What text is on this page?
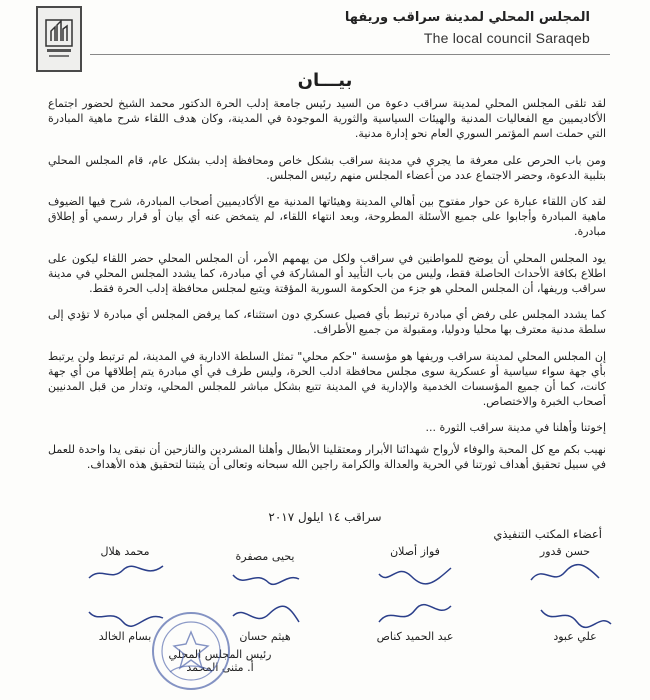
المجلس المحلي لمدينة سراقب وريفها
The local council Saraqeb
بيـــان

لقد تلقى المجلس المحلي لمدينة سراقب دعوة من السيد رئيس جامعة إدلب الحرة الدكتور محمد الشيخ لحضور اجتماع الأكاديميين مع الفعاليات المدنية والهيئات السياسية والثورية الموجودة في المدينة، وكان هدف اللقاء شرح ماهية المبادرة التي حملت اسم المؤتمر السوري العام نحو إدارة مدنية.

ومن باب الحرص على معرفة ما يجري في مدينة سراقب بشكل خاص ومحافظة إدلب بشكل عام، قام المجلس المحلي بتلبية الدعوة، وحضر الاجتماع عدد من أعضاء المجلس منهم رئيس المجلس.

لقد كان اللقاء عبارة عن حوار مفتوح بين أهالي المدينة وهيئاتها المدنية مع الأكاديميين أصحاب المبادرة، شرح فيها الضيوف ماهية المبادرة وأجابوا على جميع الأسئلة المطروحة، وبعد انتهاء اللقاء، لم يتمخض عنه أي بيان أو قرار رسمي أو إطلاق مبادرة.

يود المجلس المحلي أن يوضح للمواطنين في سراقب ولكل من يهمهم الأمر، أن المجلس المحلي حضر اللقاء ليكون على اطلاع بكافة الأحداث الحاصلة فقط، وليس من باب التأييد أو المشاركة في أي مبادرة، كما يشدد المجلس المحلي في مدينة سراقب وريفها، أن المجلس المحلي هو جزء من الحكومة السورية المؤقتة ويتبع لمجلس محافظة إدلب الحرة فقط.

كما يشدد المجلس على رفض أي مبادرة ترتبط بأي فصيل عسكري دون استثناء، كما يرفض المجلس أي مبادرة لا تؤدي إلى سلطة مدنية معترف بها محليا ودوليا، ومقبولة من جميع الأطراف.

إن المجلس المحلي لمدينة سراقب وريفها هو مؤسسة "حكم محلي" تمثل السلطة الادارية في المدينة، لم ترتبط ولن يرتبط بأي جهة سواء سياسية أو عسكرية سوى مجلس محافظة ادلب الحرة، وليس طرف في أي مبادرة يتم إطلاقها من أي جهة كانت، كما أن جميع المؤسسات الخدمية والإدارية في المدينة تتبع بشكل مباشر للمجلس المحلي، وتدار من قبل المدنيين أصحاب الخبرة والاختصاص.

إخوتنا وأهلنا في مدينة سراقب الثورة ...

نهيب بكم مع كل المحبة والوفاء لأرواح شهدائنا الأبرار ومعتقلينا الأبطال وأهلنا المشردين والنازحين أن نبقى يدا واحدة للعمل في سبيل تحقيق أهداف ثورتنا في الحرية والعدالة والكرامة راجين الله سبحانه وتعالى أن يثبتنا لتحقيق هذه الأهداف.

سراقب ١٤ ايلول ٢٠١٧
أعضاء المكتب التنفيذي
حسن قدور
فواز أصلان
يحيى مصفرة
محمد هلال
علي عبود
عبد الحميد كناص
هيثم حسان
بسام الخالد
رئيس المجلس المحلي
أ. مثنى المحمد
